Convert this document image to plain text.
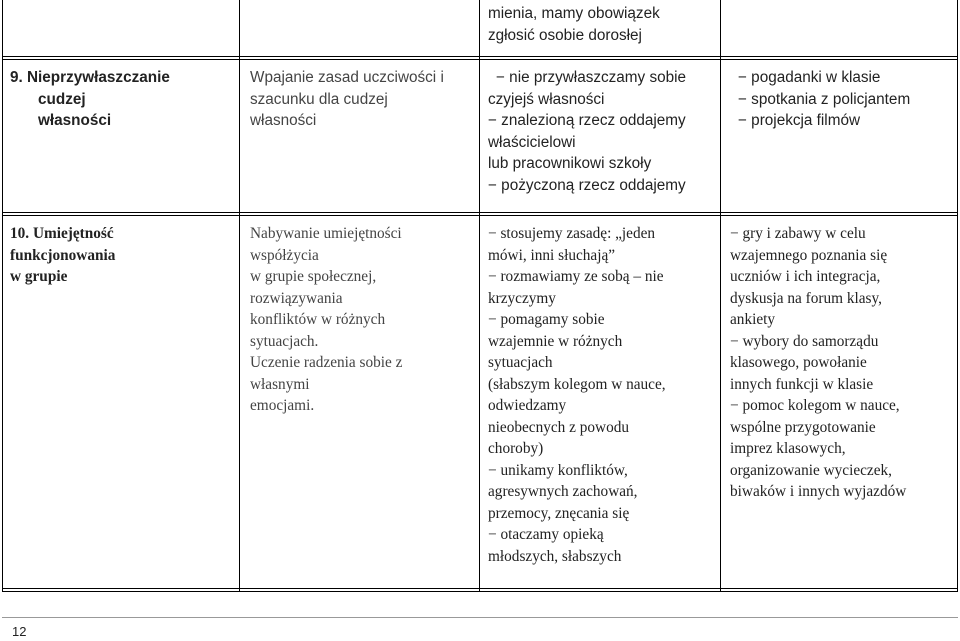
mienia, mamy obowiązek
zgłosić osobie dorosłej
9. Nieprzywłaszczanie
cudzej
własności
Wpajanie zasad uczciwości i
szacunku dla cudzej
własności
− nie przywłaszczamy sobie
czyjejś własności
− znalezioną rzecz oddajemy
właścicielowi
lub pracownikowi szkoły
− pożyczoną rzecz oddajemy
− pogadanki w klasie
− spotkania z policjantem
− projekcja filmów
10. Umiejętność
funkcjonowania
w grupie
Nabywanie umiejętności
współżycia
w grupie społecznej,
rozwiązywania
konfliktów w różnych
sytuacjach.
Uczenie radzenia sobie z
własnymi
emocjami.
− stosujemy zasadę: „jeden
mówi, inni słuchają”
− rozmawiamy ze sobą – nie
krzyczymy
− pomagamy sobie
wzajemnie w różnych
sytuacjach
(słabszym kolegom w nauce,
odwiedzamy
nieobecnych z powodu
choroby)
− unikamy konfliktów,
agresywnych zachowań,
przemocy, znęcania się
− otaczamy opieką
młodszych, słabszych
− gry i zabawy w celu
wzajemnego poznania się
uczniów i ich integracja,
dyskusja na forum klasy,
ankiety
− wybory do samorządu
klasowego, powołanie
innych funkcji w klasie
− pomoc kolegom w nauce,
wspólne przygotowanie
imprez klasowych,
organizowanie wycieczek,
biwaków i innych wyjazdów
12
